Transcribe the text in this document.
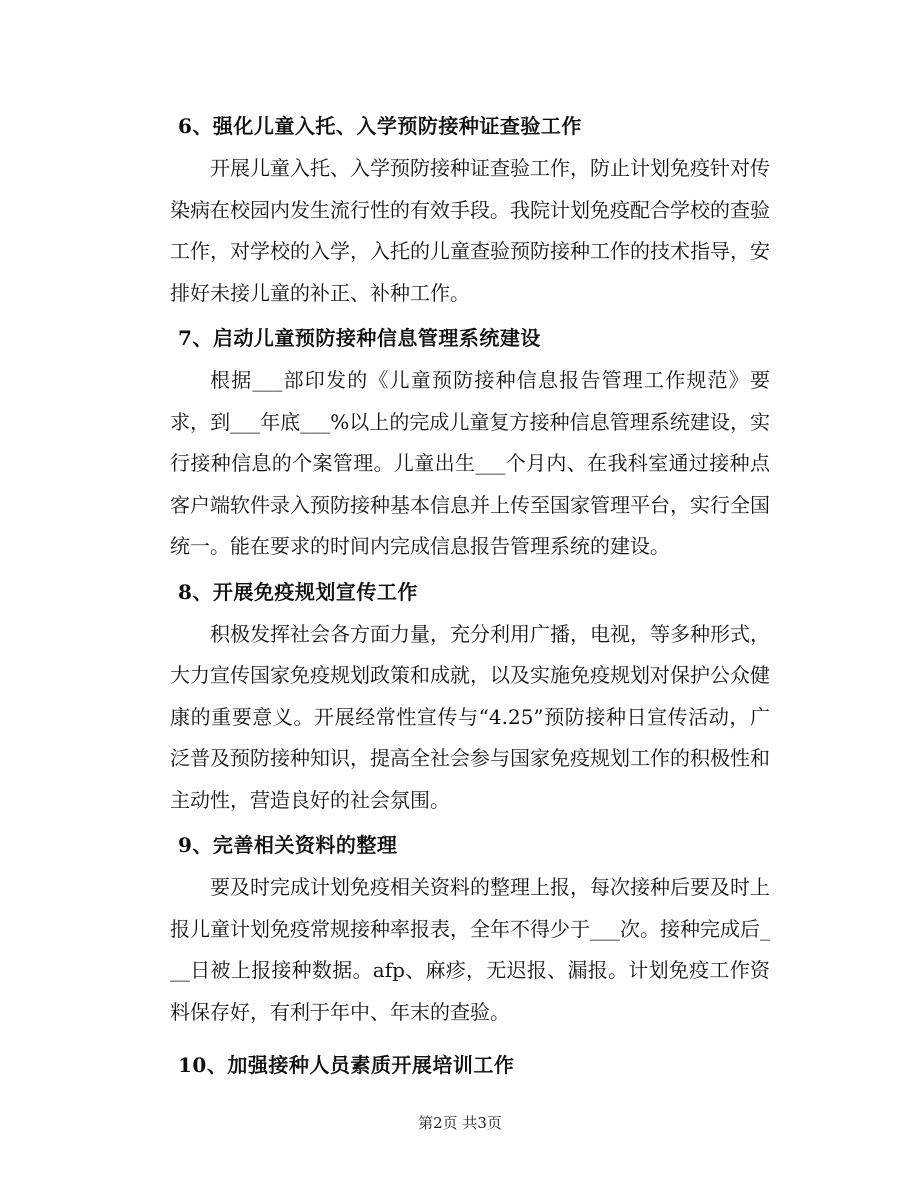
6、强化儿童入托、入学预防接种证查验工作
开展儿童入托、入学预防接种证查验工作，防止计划免疫针对传染病在校园内发生流行性的有效手段。我院计划免疫配合学校的查验工作，对学校的入学，入托的儿童查验预防接种工作的技术指导，安排好未接儿童的补正、补种工作。
7、启动儿童预防接种信息管理系统建设
根据___部印发的《儿童预防接种信息报告管理工作规范》要求，到___年底___%以上的完成儿童复方接种信息管理系统建设，实行接种信息的个案管理。儿童出生___个月内、在我科室通过接种点客户端软件录入预防接种基本信息并上传至国家管理平台，实行全国统一。能在要求的时间内完成信息报告管理系统的建设。
8、开展免疫规划宣传工作
积极发挥社会各方面力量，充分利用广播，电视，等多种形式，大力宣传国家免疫规划政策和成就，以及实施免疫规划对保护公众健康的重要意义。开展经常性宣传与“4.25”预防接种日宣传活动，广泛普及预防接种知识，提高全社会参与国家免疫规划工作的积极性和主动性，营造良好的社会氛围。
9、完善相关资料的整理
要及时完成计划免疫相关资料的整理上报，每次接种后要及时上报儿童计划免疫常规接种率报表，全年不得少于___次。接种完成后___日被上报接种数据。afp、麻疹，无迟报、漏报。计划免疫工作资料保存好，有利于年中、年末的查验。
10、加强接种人员素质开展培训工作
第2页 共3页
